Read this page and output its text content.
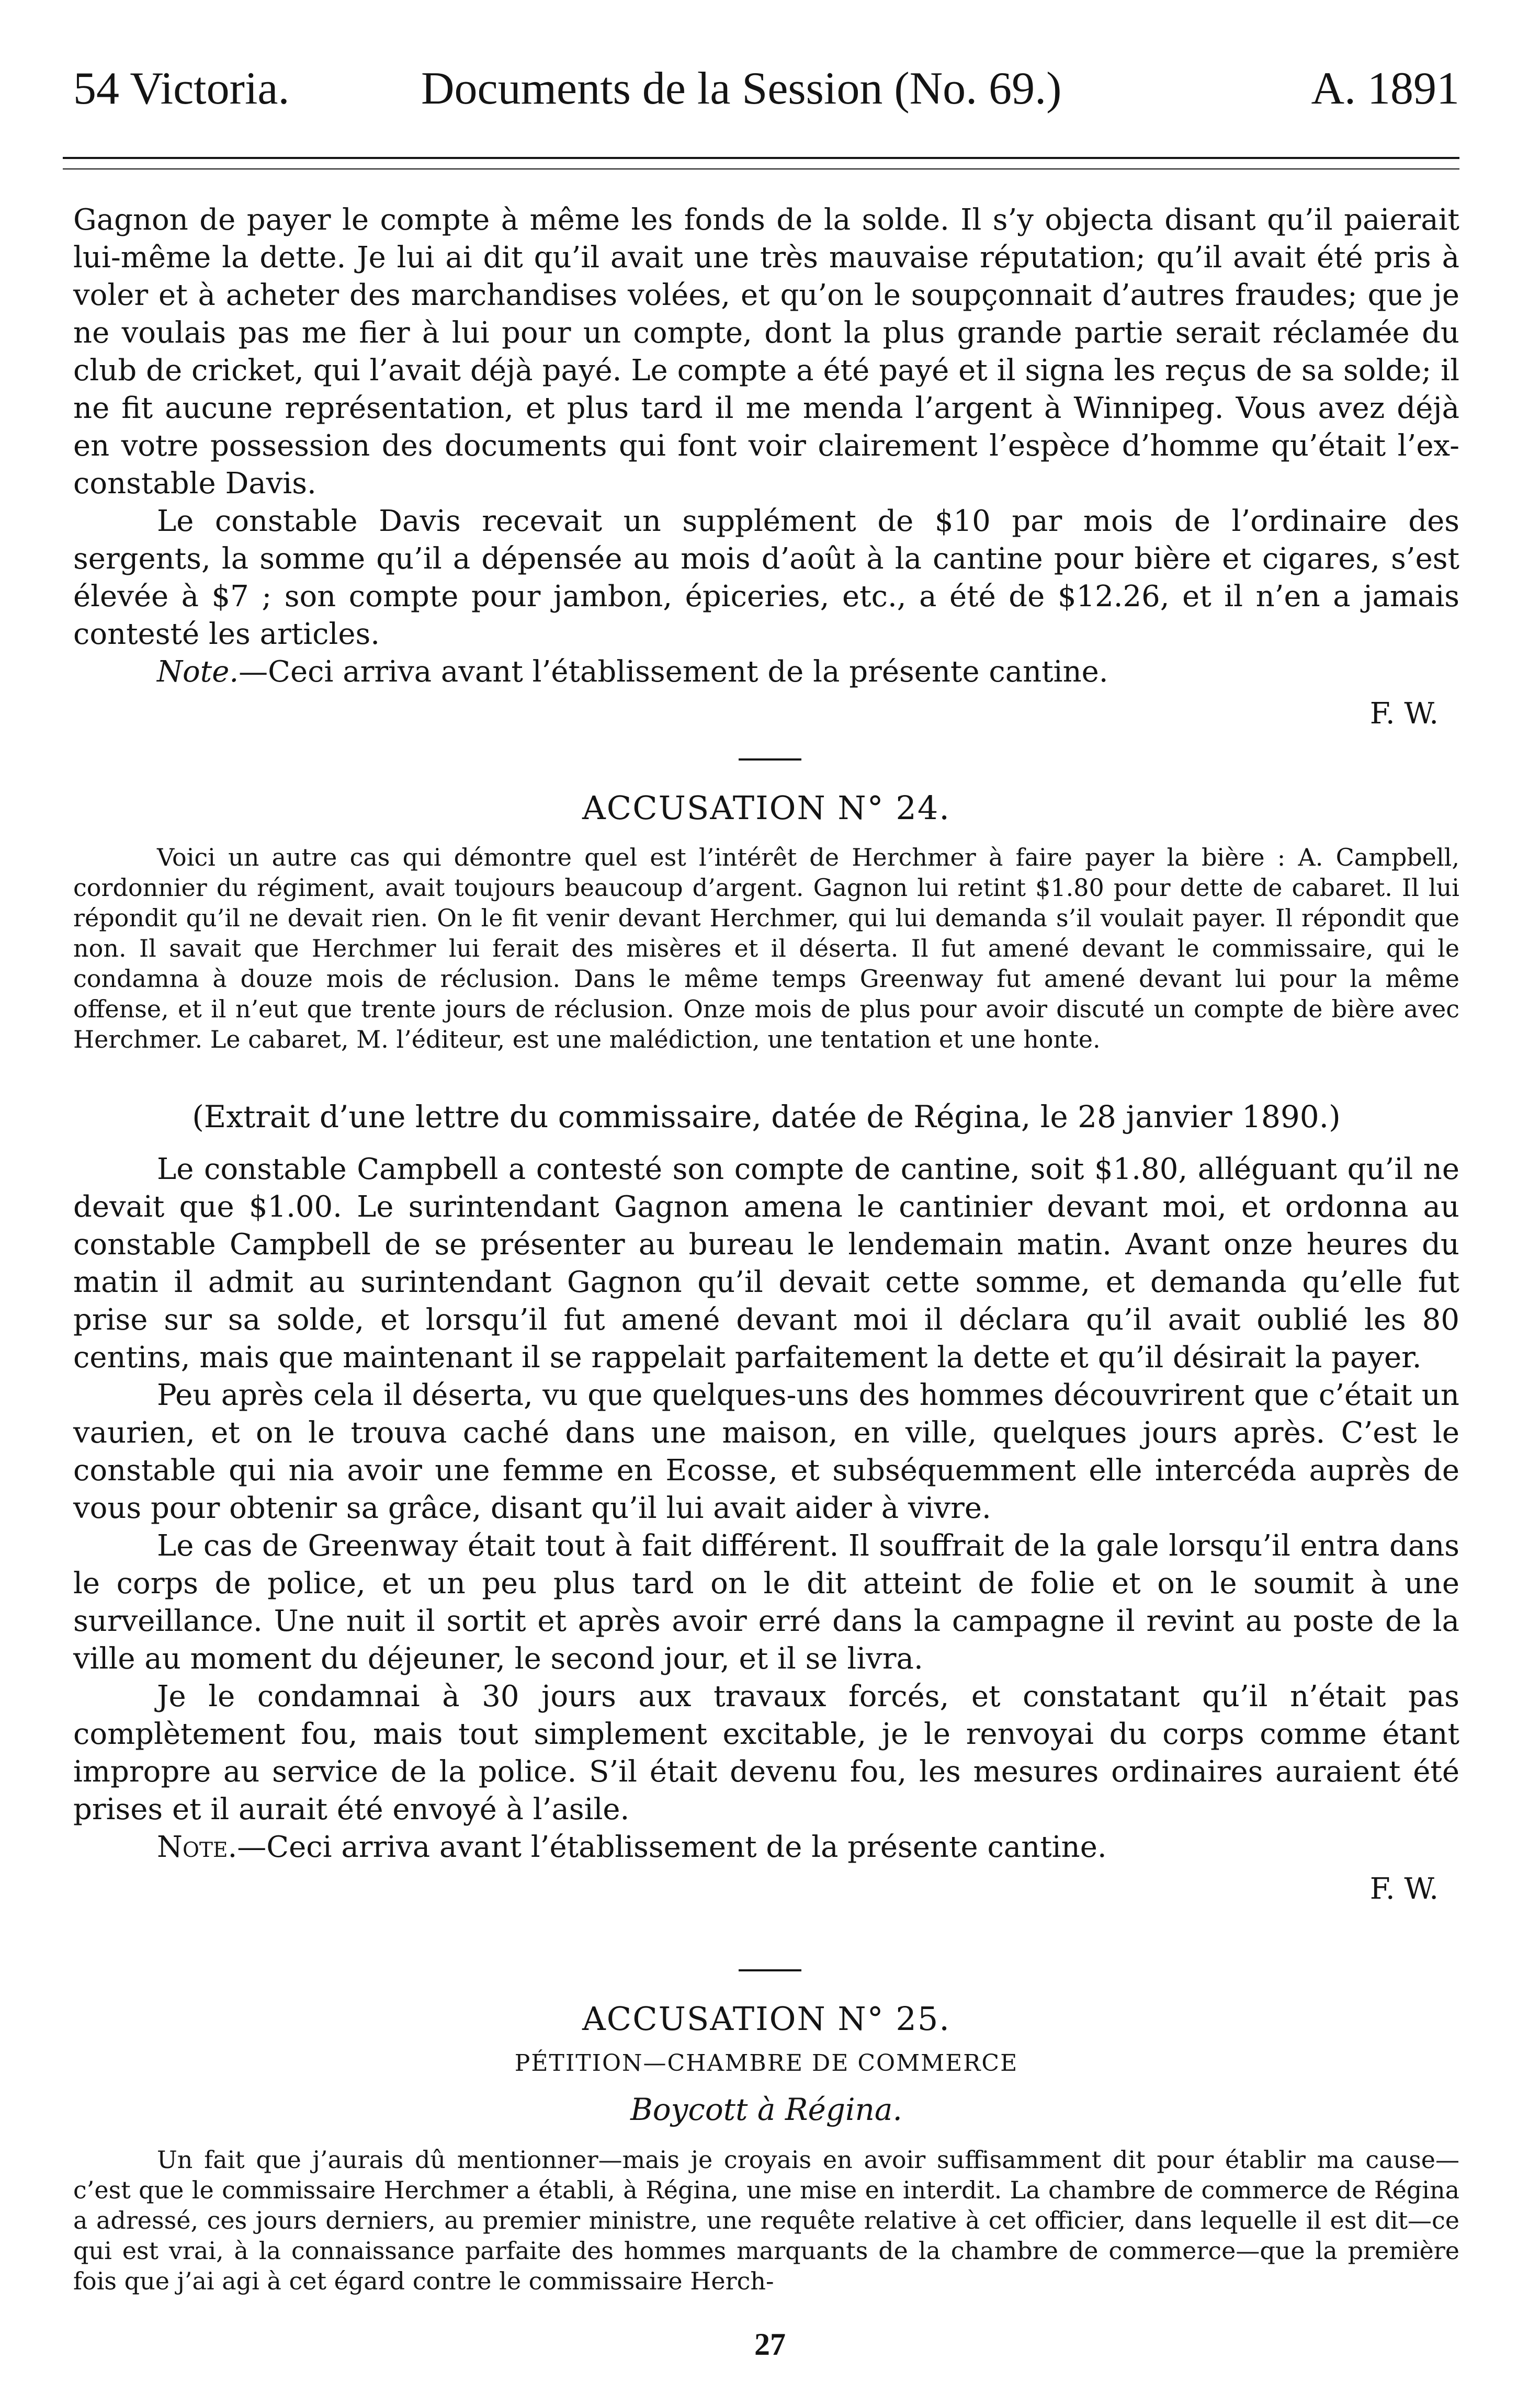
54 Victoria.	Documents de la Session (No. 69.)	A. 1891

Gagnon de payer le compte à même les fonds de la solde. Il s’y objecta disant qu’il paierait lui-même la dette. Je lui ai dit qu’il avait une très mauvaise réputation; qu’il avait été pris à voler et à acheter des marchandises volées, et qu’on le soupçonnait d’autres fraudes; que je ne voulais pas me fier à lui pour un compte, dont la plus grande partie serait réclamée du club de cricket, qui l’avait déjà payé. Le compte a été payé et il signa les reçus de sa solde; il ne fit aucune représentation, et plus tard il me menda l’argent à Winnipeg. Vous avez déjà en votre possession des documents qui font voir clairement l’espèce d’homme qu’était l’ex-constable Davis.

Le constable Davis recevait un supplément de $10 par mois de l’ordinaire des sergents, la somme qu’il a dépensée au mois d’août à la cantine pour bière et cigares, s’est élevée à $7 ; son compte pour jambon, épiceries, etc., a été de $12.26, et il n’en a jamais contesté les articles.

Note.—Ceci arriva avant l’établissement de la présente cantine.

F. W.

ACCUSATION N° 24.

Voici un autre cas qui démontre quel est l’intérêt de Herchmer à faire payer la bière : A. Campbell, cordonnier du régiment, avait toujours beaucoup d’argent. Gagnon lui retint $1.80 pour dette de cabaret. Il lui répondit qu’il ne devait rien. On le fit venir devant Herchmer, qui lui demanda s’il voulait payer. Il répondit que non. Il savait que Herchmer lui ferait des misères et il déserta. Il fut amené devant le commissaire, qui le condamna à douze mois de réclusion. Dans le même temps Greenway fut amené devant lui pour la même offense, et il n’eut que trente jours de réclusion. Onze mois de plus pour avoir discuté un compte de bière avec Herchmer. Le cabaret, M. l’éditeur, est une malédiction, une tentation et une honte.

(Extrait d’une lettre du commissaire, datée de Régina, le 28 janvier 1890.)

Le constable Campbell a contesté son compte de cantine, soit $1.80, alléguant qu’il ne devait que $1.00. Le surintendant Gagnon amena le cantinier devant moi, et ordonna au constable Campbell de se présenter au bureau le lendemain matin. Avant onze heures du matin il admit au surintendant Gagnon qu’il devait cette somme, et demanda qu’elle fut prise sur sa solde, et lorsqu’il fut amené devant moi il déclara qu’il avait oublié les 80 centins, mais que maintenant il se rappelait parfaitement la dette et qu’il désirait la payer.

Peu après cela il déserta, vu que quelques-uns des hommes découvrirent que c’était un vaurien, et on le trouva caché dans une maison, en ville, quelques jours après. C’est le constable qui nia avoir une femme en Ecosse, et subséquemment elle intercéda auprès de vous pour obtenir sa grâce, disant qu’il lui avait aider à vivre.

Le cas de Greenway était tout à fait différent. Il souffrait de la gale lorsqu’il entra dans le corps de police, et un peu plus tard on le dit atteint de folie et on le soumit à une surveillance. Une nuit il sortit et après avoir erré dans la campagne il revint au poste de la ville au moment du déjeuner, le second jour, et il se livra.

Je le condamnai à 30 jours aux travaux forcés, et constatant qu’il n’était pas complètement fou, mais tout simplement excitable, je le renvoyai du corps comme étant impropre au service de la police. S’il était devenu fou, les mesures ordinaires auraient été prises et il aurait été envoyé à l’asile.

Note.—Ceci arriva avant l’établissement de la présente cantine.

F. W.

ACCUSATION N° 25.
PÉTITION—CHAMBRE DE COMMERCE
Boycott à Régina.

Un fait que j’aurais dû mentionner—mais je croyais en avoir suffisamment dit pour établir ma cause—c’est que le commissaire Herchmer a établi, à Régina, une mise en interdit. La chambre de commerce de Régina a adressé, ces jours derniers, au premier ministre, une requête relative à cet officier, dans lequelle il est dit—ce qui est vrai, à la connaissance parfaite des hommes marquants de la chambre de commerce—que la première fois que j’ai agi à cet égard contre le commissaire Herch-

27
